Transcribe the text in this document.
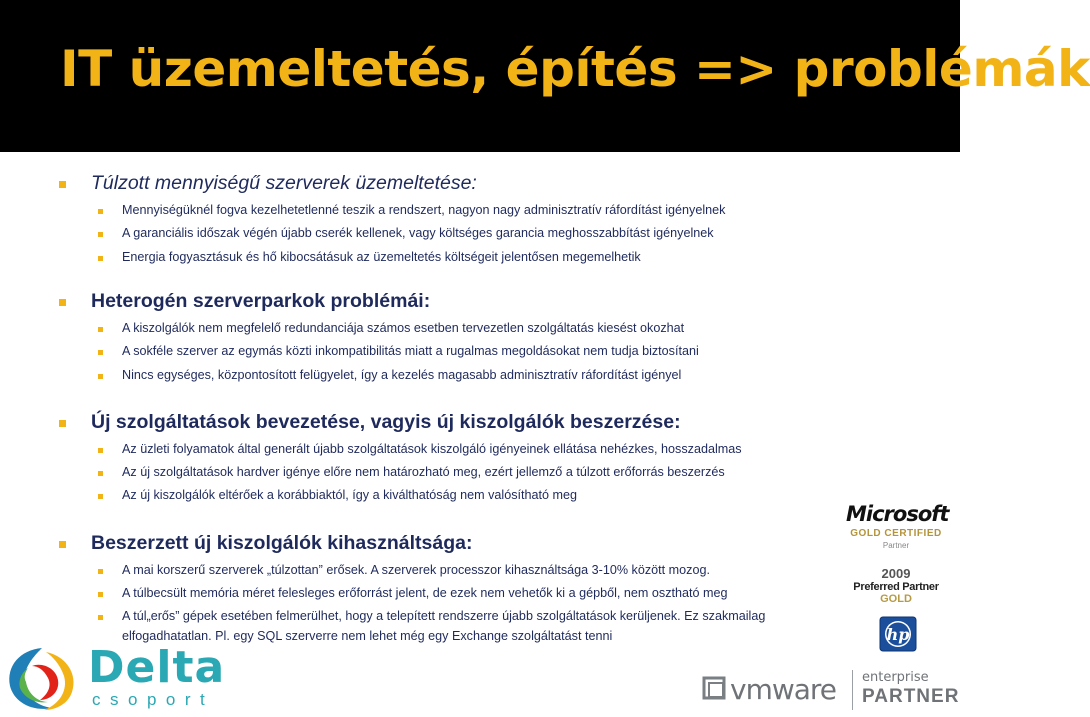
IT üzemeltetés, építés => problémák
Túlzott mennyiségű szerverek üzemeltetése:
Mennyiségüknél fogva kezelhetetlenné teszik a rendszert, nagyon nagy adminisztratív ráfordítást igényelnek
A garanciális időszak végén újabb cserék kellenek, vagy költséges garancia meghosszabbítást igényelnek
Energia fogyasztásuk és hő kibocsátásuk az üzemeltetés költségeit jelentősen megemelhetik
Heterogén szerverparkok problémái:
A kiszolgálók nem megfelelő redundanciája számos esetben tervezetlen szolgáltatás kiesést okozhat
A sokféle szerver az egymás közti inkompatibilitás miatt a rugalmas megoldásokat nem tudja biztosítani
Nincs egységes, központosított felügyelet, így a kezelés magasabb adminisztratív ráfordítást igényel
Új szolgáltatások bevezetése, vagyis új kiszolgálók beszerzése:
Az üzleti folyamatok által generált újabb szolgáltatások kiszolgáló igényeinek ellátása nehézkes, hosszadalmas
Az új szolgáltatások hardver igénye előre nem határozható meg, ezért jellemző a túlzott erőforrás beszerzés
Az új kiszolgálók eltérőek a korábbiaktól, így a kiválthatóság nem valósítható meg
Beszerzett új kiszolgálók kihasználtsága:
A mai korszerű szerverek „túlzottan” erősek. A szerverek processzor kihasználtsága 3-10% között mozog.
A túlbecsült memória méret felesleges erőforrást jelent, de ezek nem vehetők ki a gépből, nem osztható meg
A túl„erős” gépek esetében felmerülhet, hogy a telepített rendszerre újabb szolgáltatások kerüljenek. Ez szakmailag elfogadhatatlan. Pl. egy SQL szerverre nem lehet még egy Exchange szolgáltatást tenni
Microsoft
GOLD CERTIFIED
Partner
2009
Preferred Partner
GOLD
hp
vmware enterprise
PARTNER
Delta
csoport
